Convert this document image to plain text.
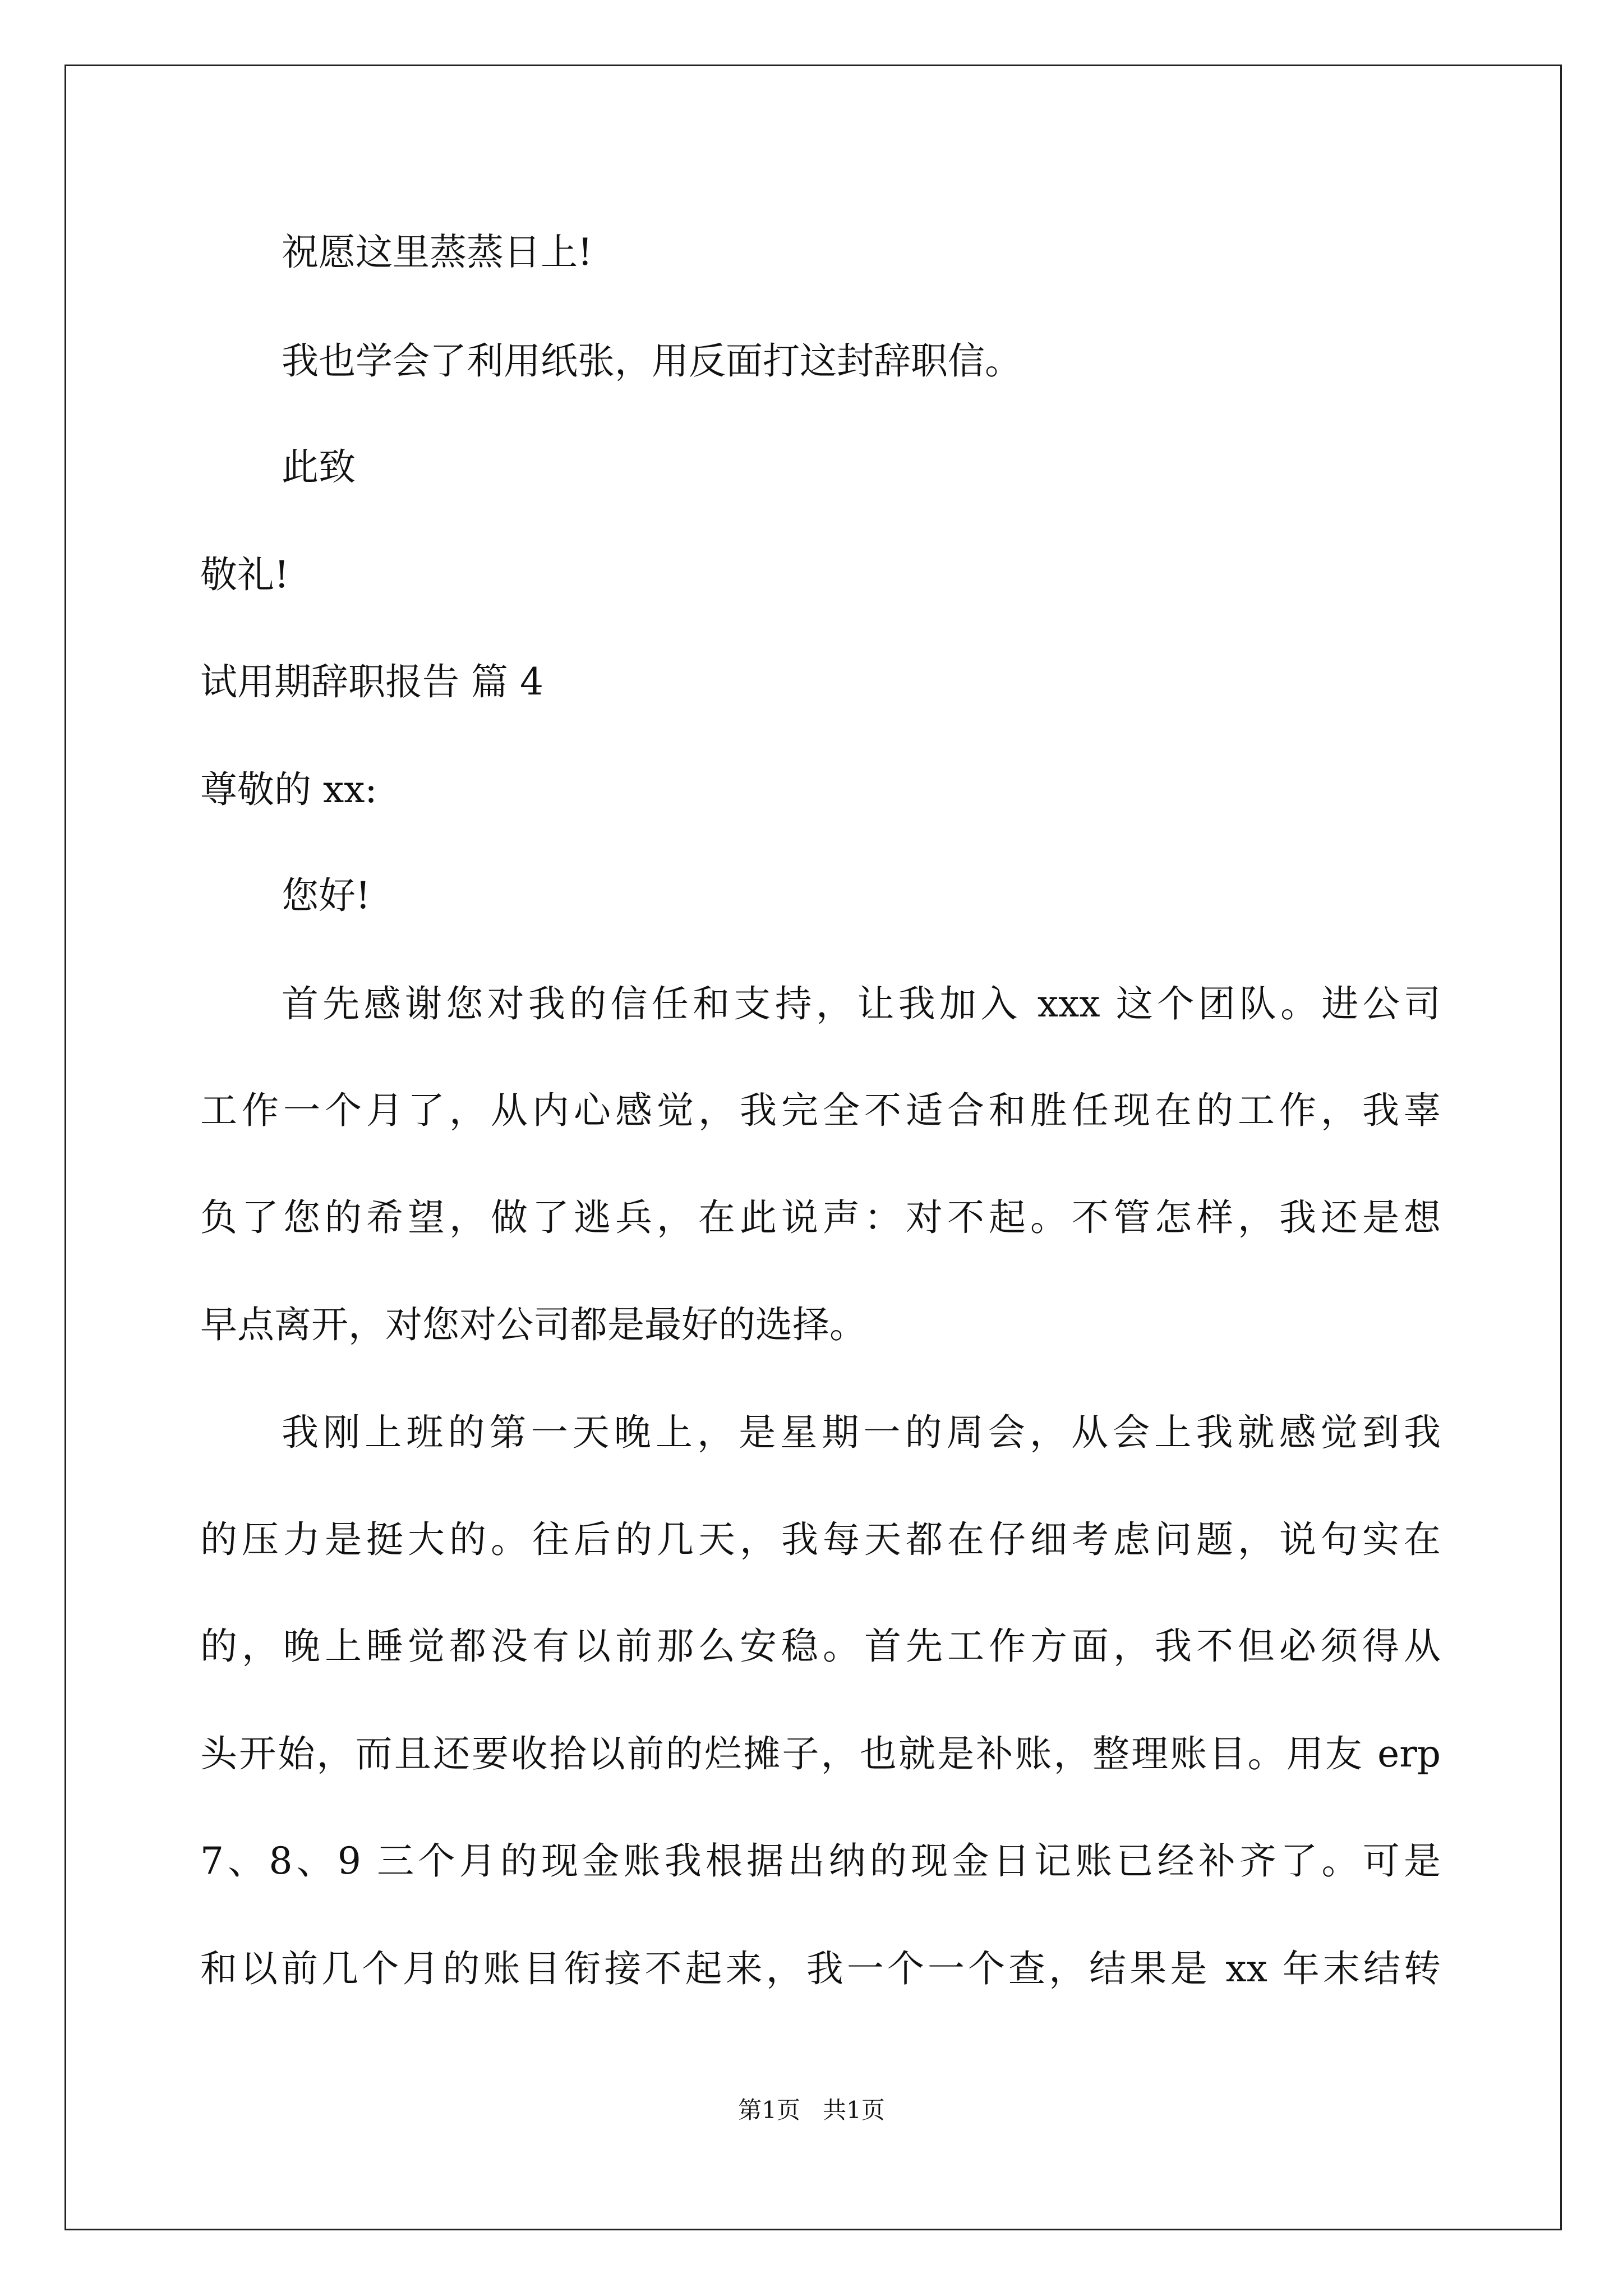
祝愿这里蒸蒸日上!
我也学会了利用纸张，用反面打这封辞职信。
此致
敬礼!
试用期辞职报告 篇 4
尊敬的 xx:
您好!
首先感谢您对我的信任和支持，让我加入 xxx 这个团队。进公司
工作一个月了，从内心感觉，我完全不适合和胜任现在的工作，我辜
负了您的希望，做了逃兵，在此说声：对不起。不管怎样，我还是想
早点离开，对您对公司都是最好的选择。
我刚上班的第一天晚上，是星期一的周会，从会上我就感觉到我
的压力是挺大的。往后的几天，我每天都在仔细考虑问题，说句实在
的，晚上睡觉都没有以前那么安稳。首先工作方面，我不但必须得从
头开始，而且还要收拾以前的烂摊子，也就是补账，整理账目。用友 erp
7、8、9 三个月的现金账我根据出纳的现金日记账已经补齐了。可是
和以前几个月的账目衔接不起来，我一个一个查，结果是 xx 年末结转
第1页   共1页
